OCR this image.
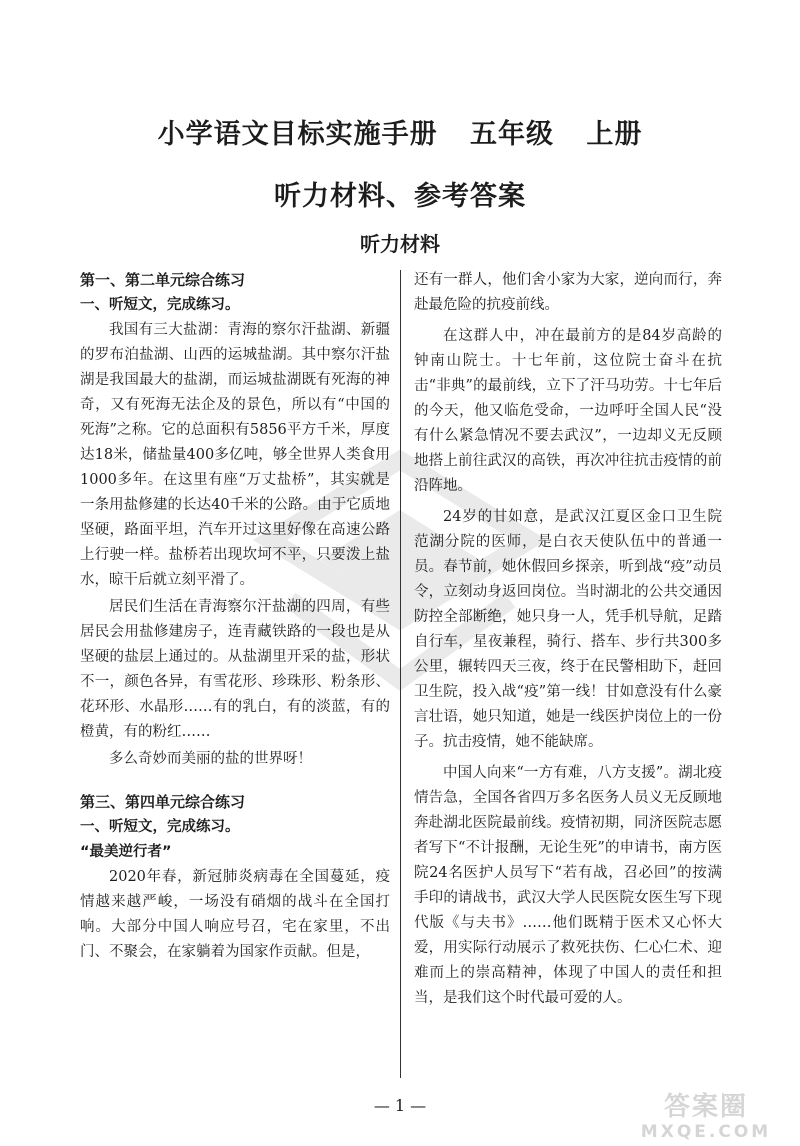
小学语文目标实施手册 五年级 上册
听力材料、参考答案
听力材料

第一、第二单元综合练习

一、听短文，完成练习。

我国有三大盐湖：青海的察尔汗盐湖、新疆的罗布泊盐湖、山西的运城盐湖。其中察尔汗盐湖是我国最大的盐湖，而运城盐湖既有死海的神奇，又有死海无法企及的景色，所以有“中国的死海”之称。它的总面积有5856平方千米，厚度达18米，储盐量400多亿吨，够全世界人类食用1000多年。在这里有座“万丈盐桥”，其实就是一条用盐修建的长达40千米的公路。由于它质地坚硬，路面平坦，汽车开过这里好像在高速公路上行驶一样。盐桥若出现坎坷不平，只要泼上盐水，晾干后就立刻平滑了。

居民们生活在青海察尔汗盐湖的四周，有些居民会用盐修建房子，连青藏铁路的一段也是从坚硬的盐层上通过的。从盐湖里开采的盐，形状不一，颜色各异，有雪花形、珍珠形、粉条形、花环形、水晶形……有的乳白，有的淡蓝，有的橙黄，有的粉红……

多么奇妙而美丽的盐的世界呀！

第三、第四单元综合练习

一、听短文，完成练习。

“最美逆行者”

2020年春，新冠肺炎病毒在全国蔓延，疫情越来越严峻，一场没有硝烟的战斗在全国打响。大部分中国人响应号召，宅在家里，不出门、不聚会，在家躺着为国家作贡献。但是，

还有一群人，他们舍小家为大家，逆向而行，奔赴最危险的抗疫前线。

在这群人中，冲在最前方的是84岁高龄的钟南山院士。十七年前，这位院士奋斗在抗击“非典”的最前线，立下了汗马功劳。十七年后的今天，他又临危受命，一边呼吁全国人民“没有什么紧急情况不要去武汉”，一边却义无反顾地搭上前往武汉的高铁，再次冲往抗击疫情的前沿阵地。

24岁的甘如意，是武汉江夏区金口卫生院范湖分院的医师，是白衣天使队伍中的普通一员。春节前，她休假回乡探亲，听到战“疫”动员令，立刻动身返回岗位。当时湖北的公共交通因防控全部断绝，她只身一人，凭手机导航，足踏自行车，星夜兼程，骑行、搭车、步行共300多公里，辗转四天三夜，终于在民警相助下，赶回卫生院，投入战“疫”第一线！甘如意没有什么豪言壮语，她只知道，她是一线医护岗位上的一份子。抗击疫情，她不能缺席。

中国人向来“一方有难，八方支援”。湖北疫情告急，全国各省四万多名医务人员义无反顾地奔赴湖北医院最前线。疫情初期，同济医院志愿者写下“不计报酬，无论生死”的申请书，南方医院24名医护人员写下“若有战，召必回”的按满手印的请战书，武汉大学人民医院女医生写下现代版《与夫书》……他们既精于医术又心怀大爱，用实际行动展示了救死扶伤、仁心仁术、迎难而上的崇高精神，体现了中国人的责任和担当，是我们这个时代最可爱的人。

— 1 —	答案圈
MXQE.COM
